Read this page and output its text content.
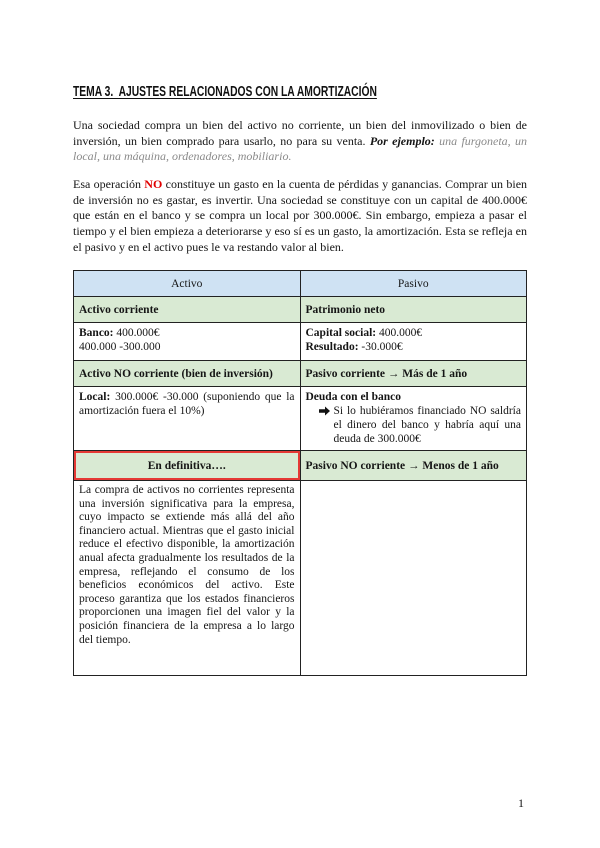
TEMA 3.  AJUSTES RELACIONADOS CON LA AMORTIZACIÓN

Una sociedad compra un bien del activo no corriente, un bien del inmovilizado o bien de inversión, un bien comprado para usarlo, no para su venta. Por ejemplo: una furgoneta, un local, una máquina, ordenadores, mobiliario.

Esa operación NO constituye un gasto en la cuenta de pérdidas y ganancias. Comprar un bien de inversión no es gastar, es invertir. Una sociedad se constituye con un capital de 400.000€ que están en el banco y se compra un local por 300.000€. Sin embargo, empieza a pasar el tiempo y el bien empieza a deteriorarse y eso sí es un gasto, la amortización. Esta se refleja en el pasivo y en el activo pues le va restando valor al bien.

Activo	Pasivo
Activo corriente	Patrimonio neto
Banco: 400.000€
400.000 -300.000	Capital social: 400.000€
Resultado: -30.000€
Activo NO corriente (bien de inversión)	Pasivo corriente → Más de 1 año
Local: 300.000€ -30.000 (suponiendo que la amortización fuera el 10%)	Deuda con el banco
Si lo hubiéramos financiado NO saldría el dinero del banco y habría aquí una deuda de 300.000€

En definitiva….	Pasivo NO corriente → Menos de 1 año
La compra de activos no corrientes representa una inversión significativa para la empresa, cuyo impacto se extiende más allá del año financiero actual. Mientras que el gasto inicial reduce el efectivo disponible, la amortización anual afecta gradualmente los resultados de la empresa, reflejando el consumo de los beneficios económicos del activo. Este proceso garantiza que los estados financieros proporcionen una imagen fiel del valor y la posición financiera de la empresa a lo largo del tiempo.	
1
